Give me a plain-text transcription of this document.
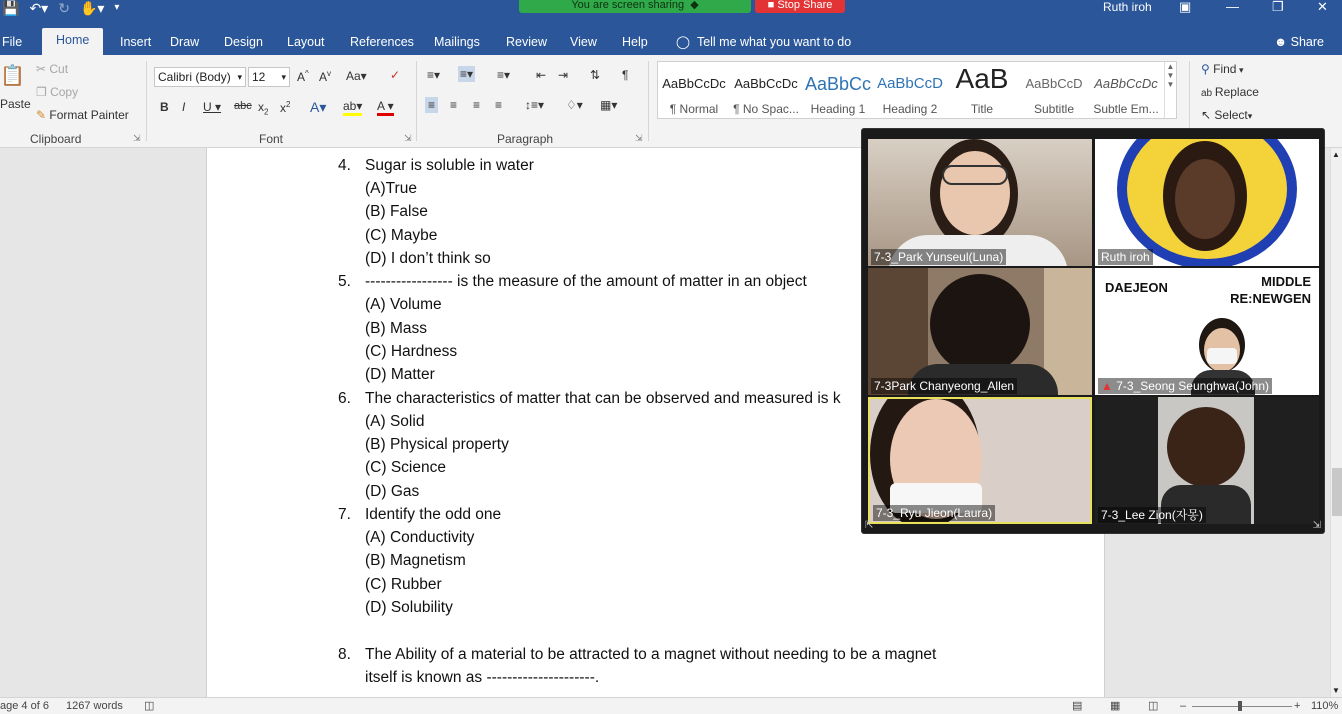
💾 ↶▾ ↻ ✋▾ ▾	Ruth iroh ▣	—	❐	✕
You are screen sharing  ◆	■ Stop Share
File	Insert Draw Design Layout References Mailings Review View Help ◯  Tell me what you want to do	☻ Share
Home
📋
Paste
✂ Cut
❐ Copy
✎ Format Painter
Clipboard	⇲
Calibri (Body) ▾ 12 ▾ A^ $A^v$ Aa▾ ✓
B I U ▾ abc $x_2$ $x^2$ A▾ ab▾ A ▾
Font	⇲
≡▾ ≡▾ ≡▾ ⇤ ⇥ ⇅ ¶
≡ ≡ ≡ ≡ ↕≡▾ ♢▾ ▦▾
Paragraph	⇲
AaBbCcDc
¶ Normal
AaBbCcDc
¶ No Spac...
AaBbCc
Heading 1
AaBbCcD
Heading 2
AaB
Title
AaBbCcD
Subtitle
AaBbCcDc
Subtle Em...
▲
▼
▼
⚲ Find ▾
ab Replace
↖ Select▾
4. Sugar is soluble in water
(A)True
(B) False
(C) Maybe
(D) I don’t think so
5. ----------------- is the measure of the amount of matter in an object
(A) Volume
(B) Mass
(C) Hardness
(D) Matter
6. The characteristics of matter that can be observed and measured is k
(A) Solid
(B) Physical property
(C) Science
(D) Gas
7. Identify the odd one
(A) Conductivity
(B) Magnetism
(C) Rubber
(D) Solubility
8. The Ability of a material to be attracted to a magnet without needing to be a magnet
itself is known as ---------------------.
▲
▼
age 4 of 6 1267 words ◫	▤	▦	◫ –	+ 110%
7-3_Park Yunseul(Luna)	Ruth iroh
7-3Park Chanyeong_Allen
DAEJEON	MIDDLE
RE:NEWGEN
▲ 7-3_Seong Seunghwa(John)
7-3_Ryu Jieon(Laura)	7-3_Lee Zion(자몽)
⇲
⇱
